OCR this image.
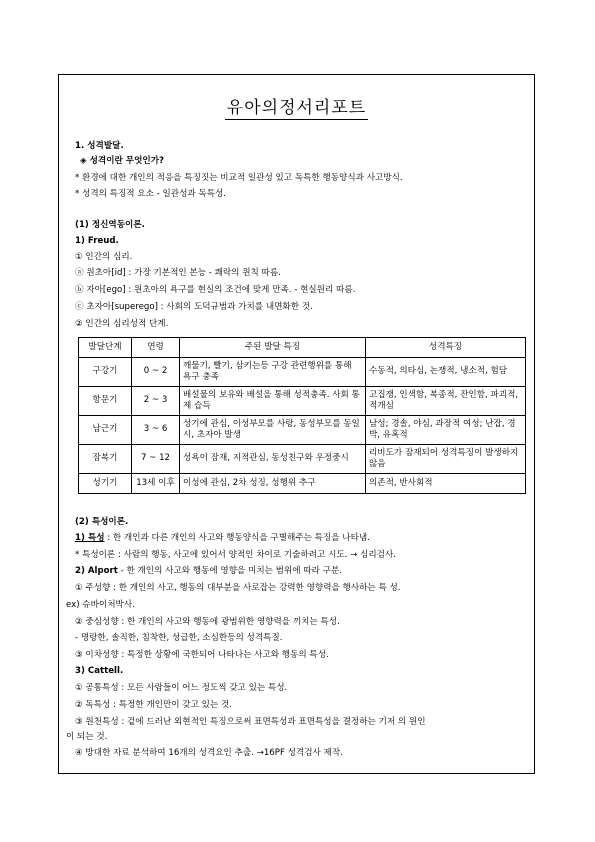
유아의정서리포트
1. 성격발달.
◈ 성격이란 무엇인가?
* 환경에 대한 개인의 적응을 특징짓는 비교적 일관성 있고 독특한 행동양식과 사고방식.
* 성격의 특징적 요소 - 일관성과 독특성.
(1) 정신역동이론.
1) Freud.
① 인간의 심리.
ⓐ 원초아[id] : 가장 기본적인 본능 - 쾌락의 원칙 따름.
ⓑ 자아[ego] : 원초아의 욕구를 현실의 조건에 맞게 만족. - 현실원리 따름.
ⓒ 초자아[superego] : 사회의 도덕규범과 가치를 내면화한 것.
② 인간의 심리성적 단계.
발달단계	연령	주된 발달 특징	성격특징
구강기	0 ~ 2	깨물기, 빨기, 삼키는등 구강 관련행위를 통해 욕구 충족	수동적, 의타심, 논쟁적, 냉소적, 험담
항문기	2 ~ 3	배설물의 보유와 배설을 통해 성적충족. 사회 통제 습득	고집쟁, 인색함, 복종적, 잔인함, 파괴적, 적개심
남근기	3 ~ 6	성기에 관심, 이성부모를 사랑, 동성부모를 동일시, 초자아 발생	남성; 경솔, 야심, 과장적 여성; 난잡, 경박, 유혹적
잠복기	7 ~ 12	성욕이 잠재, 지적관심, 동성친구와 우정중시	리비도가 잠재되어 성격특징이 발생하지 않음
성기기	13세 이후	이성에 관심, 2차 성징, 성행위 추구	의존적, 반사회적
(2) 특성이론.
1) 특성 : 한 개인과 다른 개인의 사고와 행동양식을 구별해주는 특징을 나타냄.
* 특성이론 : 사람의 행동, 사고에 있어서 양적인 차이로 기술하려고 시도. → 심리검사.
2) Alport - 한 개인의 사고와 행동에 영향을 미치는 범위에 따라 구분.
① 주성향 : 한 개인의 사고, 행동의 대부분을 사로잡는 강력한 영향력을 행사하는 특 성.
ex) 슈바이처박사.
② 중심성향 : 한 개인의 사고와 행동에 광범위한 영향력을 끼치는 특성.
- 명랑한, 솔직한, 침착한, 성급한, 소심한등의 성격특질.
③ 이차성향 : 특정한 상황에 국한되어 나타나는 사고와 행동의 특성.
3) Cattell.
① 공통특성 : 모든 사람들이 어느 정도씩 갖고 있는 특성.
② 독특성 : 특정한 개인만이 갖고 있는 것.
③ 원천특성 : 겉에 드러난 외현적인 특징으로써 표면특성과 표면특성을 결정하는 기저 의 원인
이 되는 것.
④ 방대한 자료 분석하여 16개의 성격요인 추출. →16PF 성격검사 제작.
